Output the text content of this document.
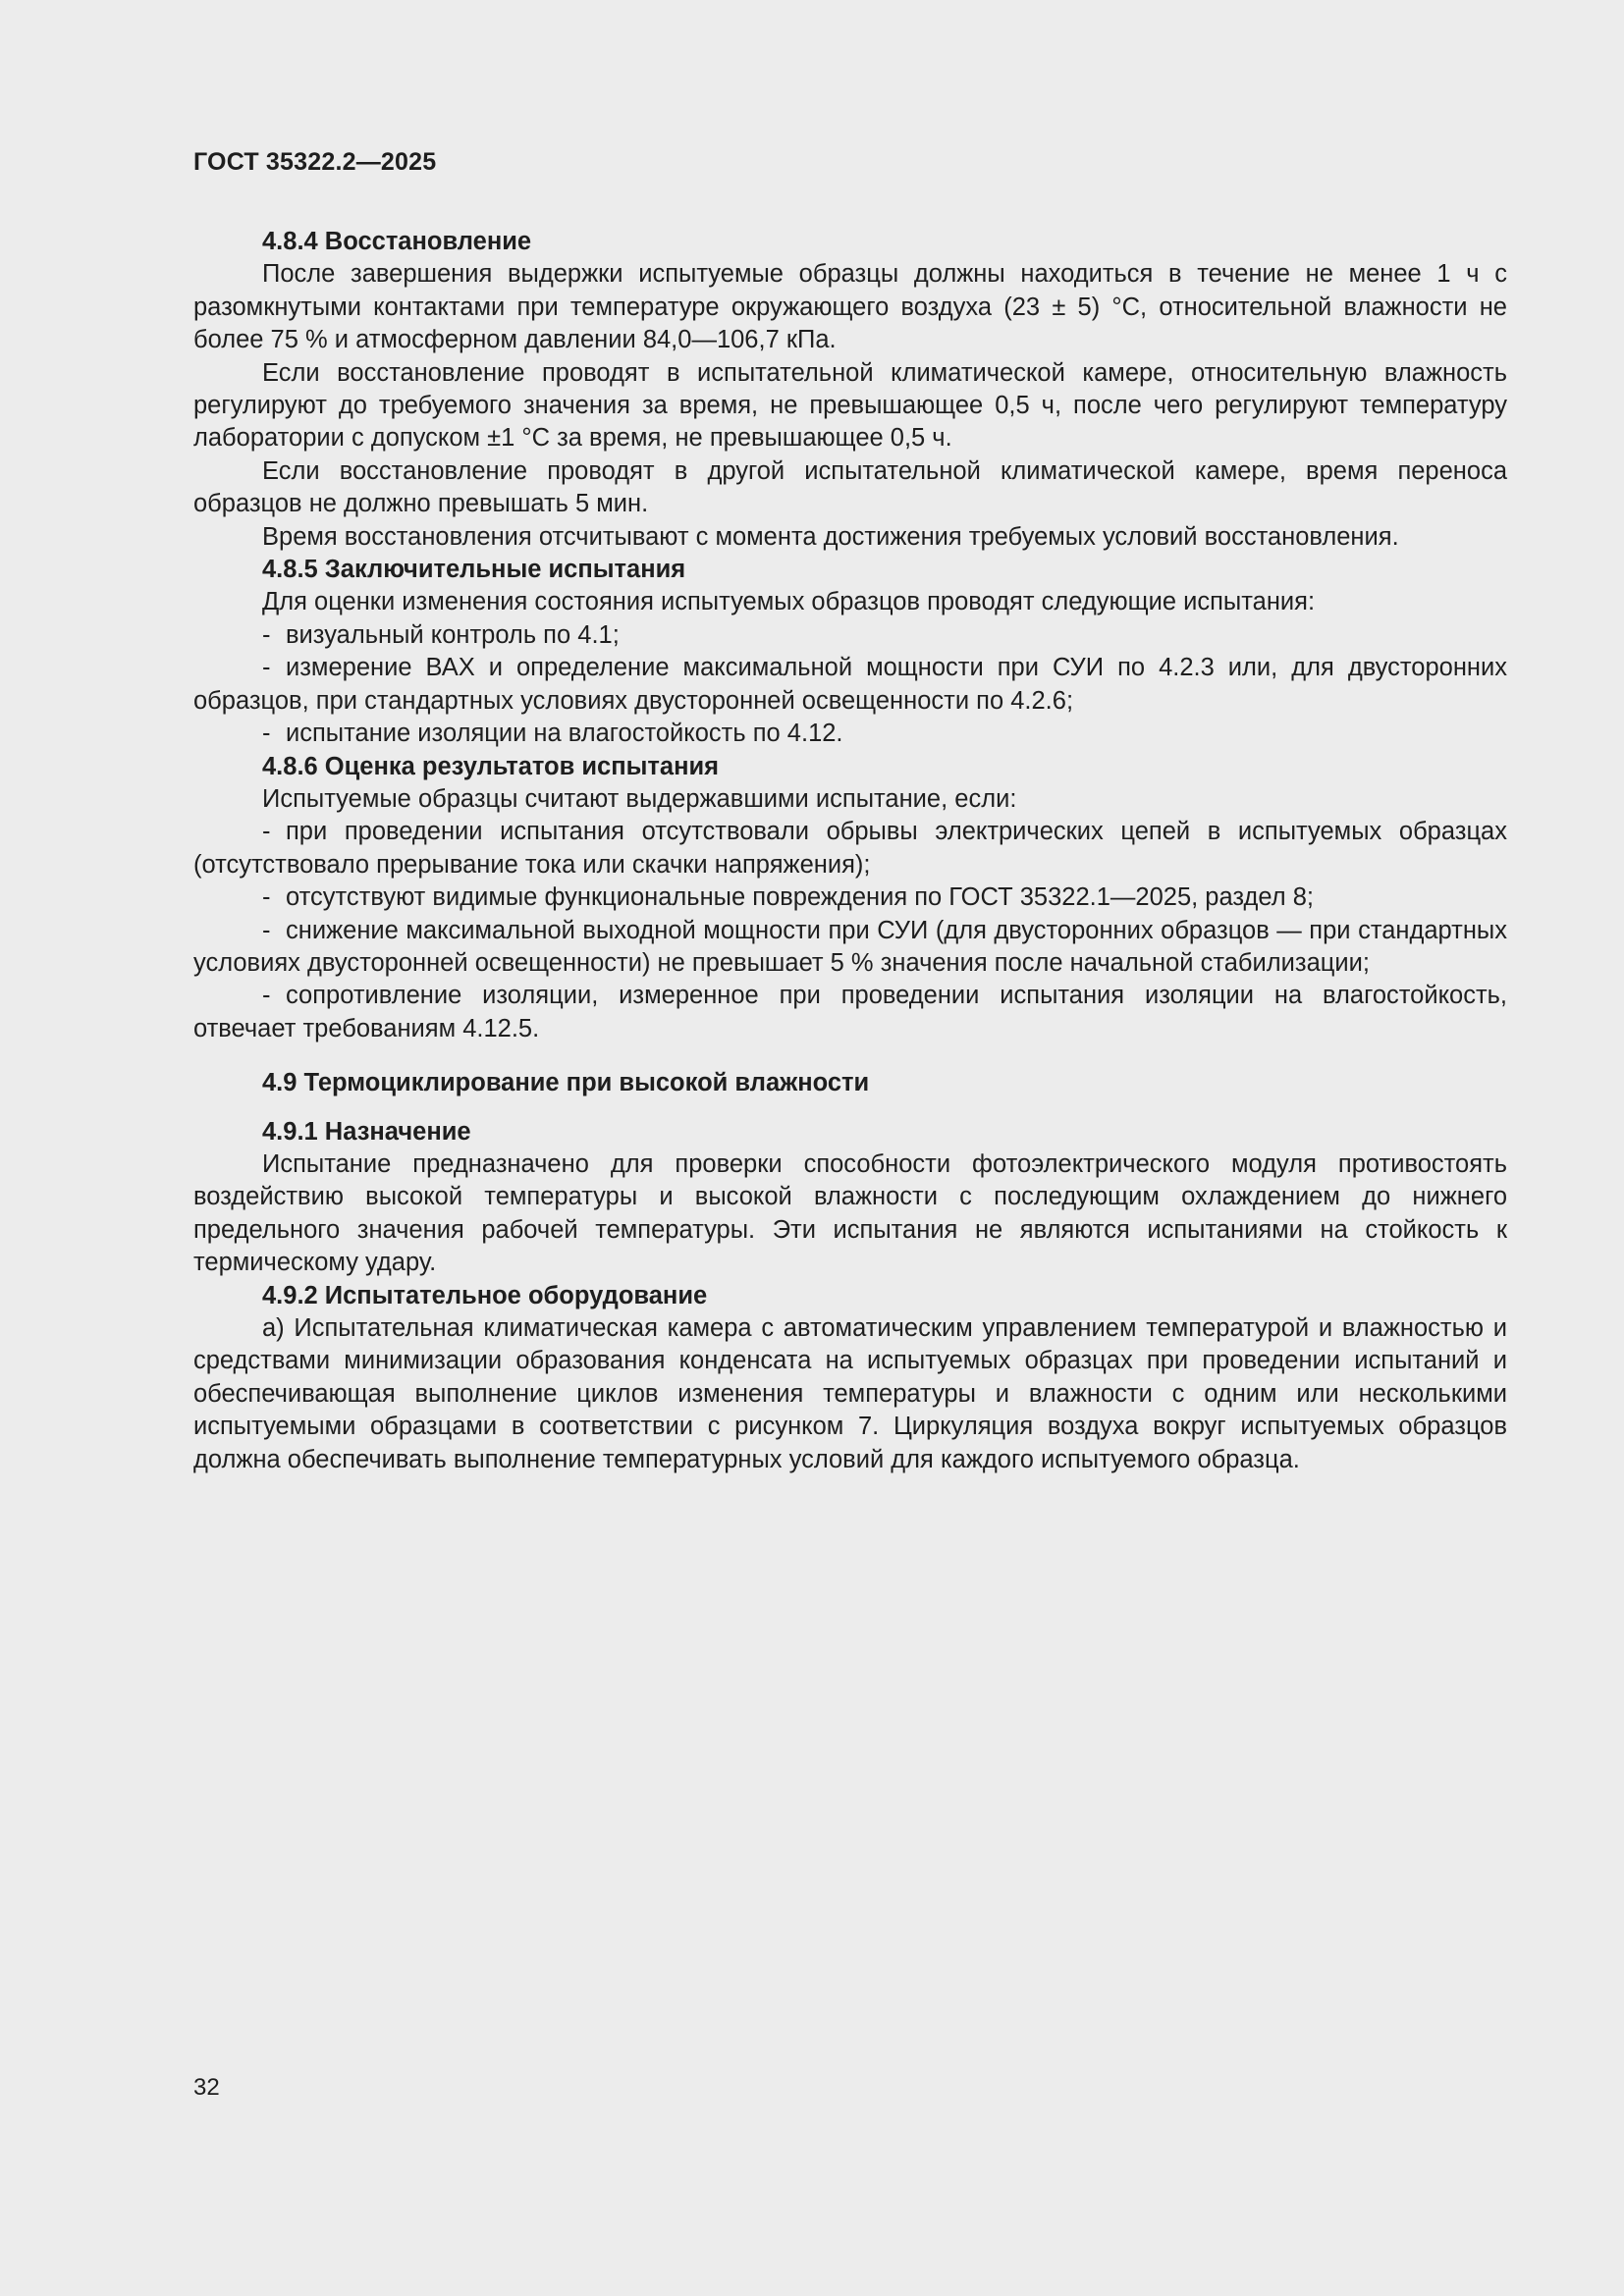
ГОСТ 35322.2—2025

4.8.4 Восстановление

После завершения выдержки испытуемые образцы должны находиться в течение не менее 1 ч с разомкнутыми контактами при температуре окружающего воздуха (23 ± 5) °С, относительной влажности не более 75 % и атмосферном давлении 84,0—106,7 кПа.

Если восстановление проводят в испытательной климатической камере, относительную влажность регулируют до требуемого значения за время, не превышающее 0,5 ч, после чего регулируют температуру лаборатории с допуском ±1 °С за время, не превышающее 0,5 ч.

Если восстановление проводят в другой испытательной климатической камере, время переноса образцов не должно превышать 5 мин.

Время восстановления отсчитывают с момента достижения требуемых условий восстановления.

4.8.5 Заключительные испытания

Для оценки изменения состояния испытуемых образцов проводят следующие испытания:

- визуальный контроль по 4.1;

- измерение ВАХ и определение максимальной мощности при СУИ по 4.2.3 или, для двусторонних образцов, при стандартных условиях двусторонней освещенности по 4.2.6;

- испытание изоляции на влагостойкость по 4.12.

4.8.6 Оценка результатов испытания

Испытуемые образцы считают выдержавшими испытание, если:

- при проведении испытания отсутствовали обрывы электрических цепей в испытуемых образцах (отсутствовало прерывание тока или скачки напряжения);

- отсутствуют видимые функциональные повреждения по ГОСТ 35322.1—2025, раздел 8;

- снижение максимальной выходной мощности при СУИ (для двусторонних образцов — при стандартных условиях двусторонней освещенности) не превышает 5 % значения после начальной стабилизации;

- сопротивление изоляции, измеренное при проведении испытания изоляции на влагостойкость, отвечает требованиям 4.12.5.

4.9 Термоциклирование при высокой влажности

4.9.1 Назначение

Испытание предназначено для проверки способности фотоэлектрического модуля противостоять воздействию высокой температуры и высокой влажности с последующим охлаждением до нижнего предельного значения рабочей температуры. Эти испытания не являются испытаниями на стойкость к термическому удару.

4.9.2 Испытательное оборудование

а) Испытательная климатическая камера с автоматическим управлением температурой и влажностью и средствами минимизации образования конденсата на испытуемых образцах при проведении испытаний и обеспечивающая выполнение циклов изменения температуры и влажности с одним или несколькими испытуемыми образцами в соответствии с рисунком 7. Циркуляция воздуха вокруг испытуемых образцов должна обеспечивать выполнение температурных условий для каждого испытуемого образца.

32
